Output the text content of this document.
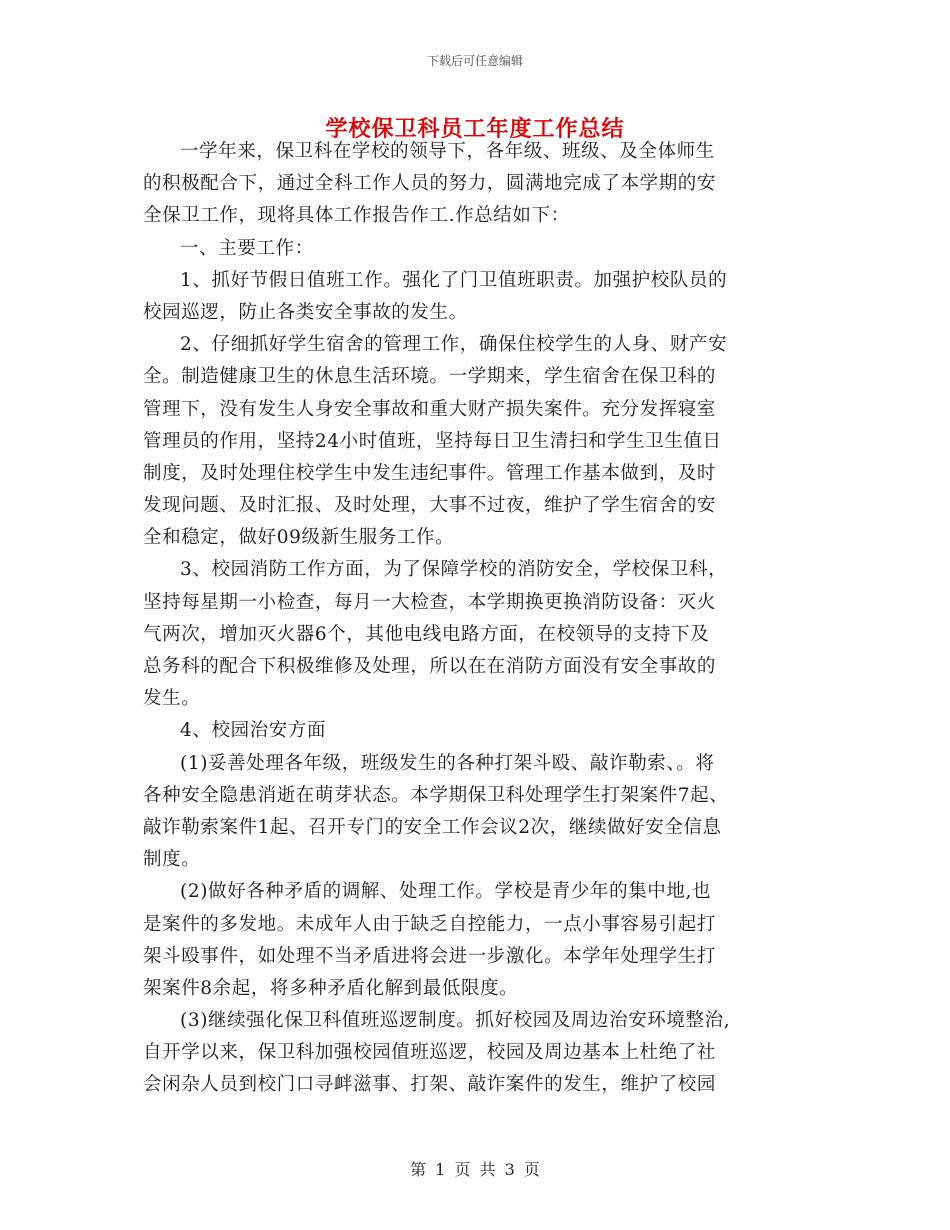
下载后可任意编辑
学校保卫科员工年度工作总结
一学年来，保卫科在学校的领导下，各年级、班级、及全体师生
的积极配合下，通过全科工作人员的努力，圆满地完成了本学期的安
全保卫工作，现将具体工作报告作工.作总结如下：
一、主要工作：
1、抓好节假日值班工作。强化了门卫值班职责。加强护校队员的
校园巡逻，防止各类安全事故的发生。
2、仔细抓好学生宿舍的管理工作，确保住校学生的人身、财产安
全。制造健康卫生的休息生活环境。一学期来，学生宿舍在保卫科的
管理下，没有发生人身安全事故和重大财产损失案件。充分发挥寝室
管理员的作用，坚持24小时值班，坚持每日卫生清扫和学生卫生值日
制度，及时处理住校学生中发生违纪事件。管理工作基本做到，及时
发现问题、及时汇报、及时处理，大事不过夜，维护了学生宿舍的安
全和稳定，做好09级新生服务工作。
3、校园消防工作方面，为了保障学校的消防安全，学校保卫科，
坚持每星期一小检查，每月一大检查，本学期换更换消防设备：灭火
气两次，增加灭火器6个，其他电线电路方面，在校领导的支持下及
总务科的配合下积极维修及处理，所以在在消防方面没有安全事故的
发生。
4、校园治安方面
(1)妥善处理各年级，班级发生的各种打架斗殴、敲诈勒索、。将
各种安全隐患消逝在萌芽状态。本学期保卫科处理学生打架案件7起、
敲诈勒索案件1起、召开专门的安全工作会议2次，继续做好安全信息
制度。
(2)做好各种矛盾的调解、处理工作。学校是青少年的集中地,也
是案件的多发地。未成年人由于缺乏自控能力，一点小事容易引起打
架斗殴事件，如处理不当矛盾进将会进一步激化。本学年处理学生打
架案件8余起，将多种矛盾化解到最低限度。
(3)继续强化保卫科值班巡逻制度。抓好校园及周边治安环境整治,
自开学以来，保卫科加强校园值班巡逻，校园及周边基本上杜绝了社
会闲杂人员到校门口寻衅滋事、打架、敲诈案件的发生，维护了校园
第 1 页 共 3 页
